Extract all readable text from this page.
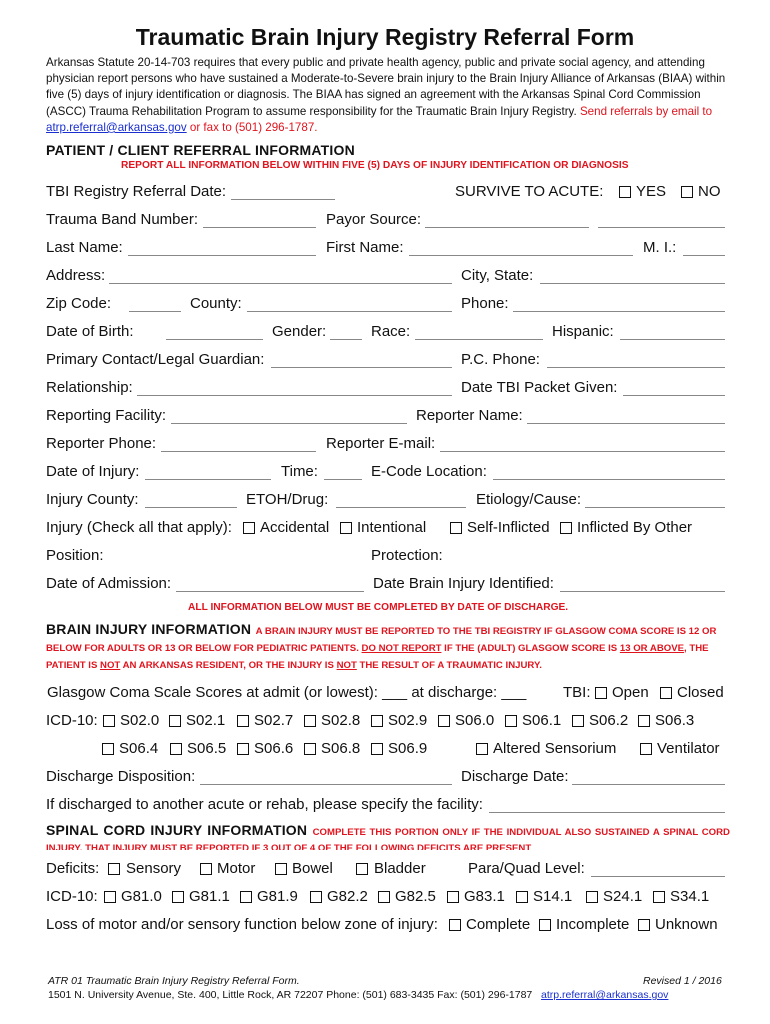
Traumatic Brain Injury Registry Referral Form
Arkansas Statute 20-14-703 requires that every public and private health agency, public and private social agency, and attending physician report persons who have sustained a Moderate-to-Severe brain injury to the Brain Injury Alliance of Arkansas (BIAA) within five (5) days of injury identification or diagnosis. The BIAA has signed an agreement with the Arkansas Spinal Cord Commission (ASCC) Trauma Rehabilitation Program to assume responsibility for the Traumatic Brain Injury Registry. Send referrals by email to atrp.referral@arkansas.gov or fax to (501) 296-1787.
PATIENT / CLIENT REFERRAL INFORMATION
REPORT ALL INFORMATION BELOW WITHIN FIVE (5) DAYS OF INJURY IDENTIFICATION OR DIAGNOSIS
TBI Registry Referral Date:	SURVIVE TO ACUTE: YES NO
Trauma Band Number:	Payor Source:
Last Name:	First Name:	M. I.:
Address:	City, State:
Zip Code:	County:	Phone:
Date of Birth:	Gender:	Race:	Hispanic:
Primary Contact/Legal Guardian:	P.C. Phone:
Relationship:	Date TBI Packet Given:
Reporting Facility:	Reporter Name:
Reporter Phone:	Reporter E-mail:
Date of Injury:	Time:	E-Code Location:
Injury County:	ETOH/Drug:	Etiology/Cause:
Injury (Check all that apply): Accidental Intentional	Self-Inflicted Inflicted By Other
Position:	Protection:
Date of Admission:	Date Brain Injury Identified:
ALL INFORMATION BELOW MUST BE COMPLETED BY DATE OF DISCHARGE.
BRAIN INJURY INFORMATION A BRAIN INJURY MUST BE REPORTED TO THE TBI REGISTRY IF GLASGOW COMA SCORE IS 12 OR BELOW FOR ADULTS OR 13 OR BELOW FOR PEDIATRIC PATIENTS. DO NOT REPORT IF THE (ADULT) GLASGOW SCORE IS 13 OR ABOVE, THE PATIENT IS NOT AN ARKANSAS RESIDENT, OR THE INJURY IS NOT THE RESULT OF A TRAUMATIC INJURY.
Glasgow Coma Scale Scores at admit (or lowest): ___ at discharge: ___ TBI: Open Closed
ICD-10: S02.0 S02.1 S02.7 S02.8 S02.9 S06.0 S06.1 S06.2 S06.3
S06.4 S06.5 S06.6 S06.8 S06.9	Altered Sensorium	Ventilator
Discharge Disposition:	Discharge Date:
If discharged to another acute or rehab, please specify the facility:
SPINAL CORD INJURY INFORMATION COMPLETE THIS PORTION ONLY IF THE INDIVIDUAL ALSO SUSTAINED A SPINAL CORD INJURY. THAT INJURY MUST BE REPORTED IF 3 OUT OF 4 OF THE FOLLOWING DEFICITS ARE PRESENT
Deficits: Sensory Motor Bowel	Bladder	Para/Quad Level:
ICD-10: G81.0 G81.1 G81.9 G82.2 G82.5 G83.1 S14.1 S24.1 S34.1
Loss of motor and/or sensory function below zone of injury: Complete Incomplete Unknown
ATR 01 Traumatic Brain Injury Registry Referral Form.	Revised 1 / 2016
1501 N. University Avenue, Ste. 400, Little Rock, AR 72207 Phone: (501) 683-3435 Fax: (501) 296-1787 atrp.referral@arkansas.gov
